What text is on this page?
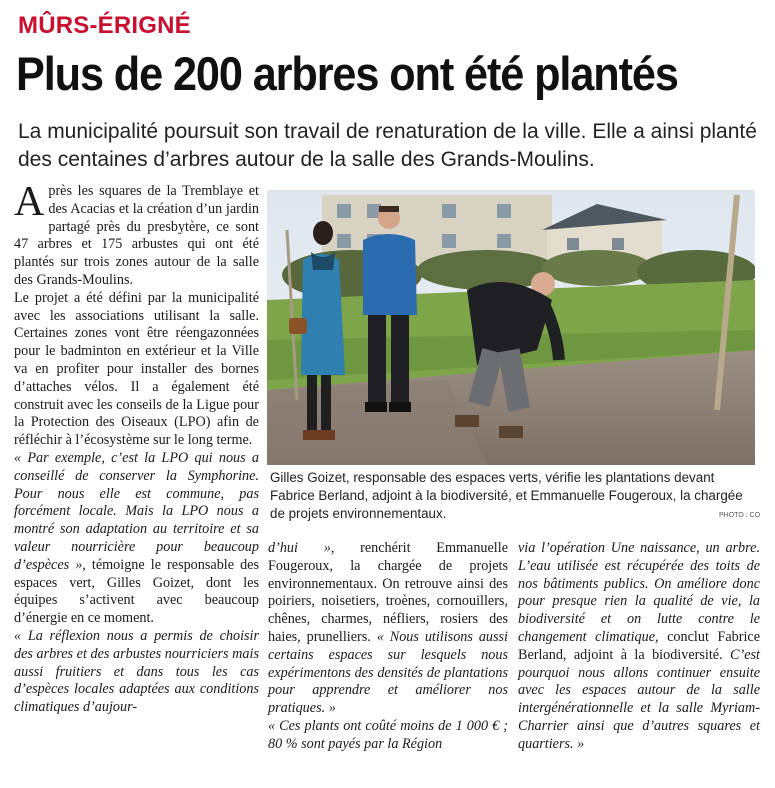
MÛRS-ÉRIGNÉ
Plus de 200 arbres ont été plantés
La municipalité poursuit son travail de renaturation de la ville. Elle a ainsi planté des centaines d’arbres autour de la salle des Grands-Moulins.

Après les squares de la Tremblaye et des Acacias et la création d’un jardin partagé près du presbytère, ce sont 47 arbres et 175 arbustes qui ont été plantés sur trois zones autour de la salle des Grands-Moulins.

Le projet a été défini par la municipalité avec les associations utilisant la salle. Certaines zones vont être réengazonnées pour le badminton en extérieur et la Ville va en profiter pour installer des bornes d’attaches vélos. Il a également été construit avec les conseils de la Ligue pour la Protection des Oiseaux (LPO) afin de réfléchir à l’écosystème sur le long terme.

« Par exemple, c’est la LPO qui nous a conseillé de conserver la Symphorine. Pour nous elle est commune, pas forcément locale. Mais la LPO nous a montré son adaptation au territoire et sa valeur nourricière pour beaucoup d’espèces », témoigne le responsable des espaces vert, Gilles Goizet, dont les équipes s’activent avec beaucoup d’énergie en ce moment.

« La réflexion nous a permis de choisir des arbres et des arbustes nourriciers mais aussi fruitiers et dans tous les cas d’espèces locales adaptées aux conditions climatiques d’aujour-

Gilles Goizet, responsable des espaces verts, vérifie les plantations devant Fabrice Berland, adjoint à la biodiversité, et Emmanuelle Fougeroux, la chargée de projets environnementaux.	PHOTO : CO

d’hui », renchérit Emmanuelle Fougeroux, la chargée de projets environnementaux. On retrouve ainsi des poiriers, noisetiers, troènes, cornouillers, chênes, charmes, néfliers, rosiers des haies, prunelliers. « Nous utilisons aussi certains espaces sur lesquels nous expérimentons des densités de plantations pour apprendre et améliorer nos pratiques. »

« Ces plants ont coûté moins de 1 000 € ; 80 % sont payés par la Région

via l’opération Une naissance, un arbre. L’eau utilisée est récupérée des toits de nos bâtiments publics. On améliore donc pour presque rien la qualité de vie, la biodiversité et on lutte contre le changement climatique, conclut Fabrice Berland, adjoint à la biodiversité. C’est pourquoi nous allons continuer ensuite avec les espaces autour de la salle intergénérationnelle et la salle Myriam-Charrier ainsi que d’autres squares et quartiers. »
